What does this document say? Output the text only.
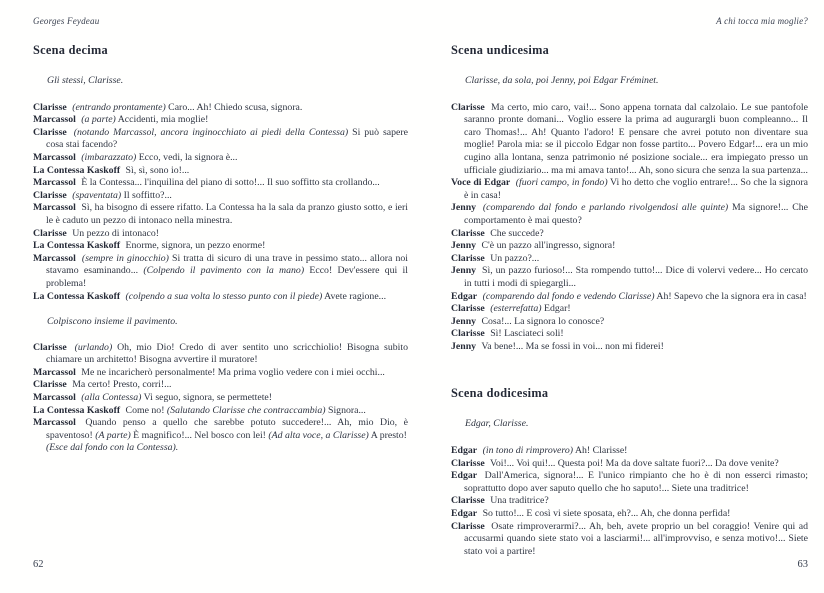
Georges Feydeau	A chi tocca mia moglie?

Scena decima

Gli stessi, Clarisse.

Clarisse (entrando prontamente) Caro... Ah! Chiedo scusa, signora.

Marcassol (a parte) Accidenti, mia moglie!

Clarisse (notando Marcassol, ancora inginocchiato ai piedi della Contessa) Si può sapere cosa stai facendo?

Marcassol (imbarazzato) Ecco, vedi, la signora è...

La Contessa Kaskoff Sì, sì, sono io!...

Marcassol È la Contessa... l'inquilina del piano di sotto!... Il suo soffitto sta crollando...

Clarisse (spaventata) Il soffitto?...

Marcassol Sì, ha bisogno di essere rifatto. La Contessa ha la sala da pranzo giusto sotto, e ieri le è caduto un pezzo di intonaco nella minestra.

Clarisse Un pezzo di intonaco!

La Contessa Kaskoff Enorme, signora, un pezzo enorme!

Marcassol (sempre in ginocchio) Si tratta di sicuro di una trave in pessimo stato... allora noi stavamo esaminando... (Colpendo il pavimento con la mano) Ecco! Dev'essere qui il problema!

La Contessa Kaskoff (colpendo a sua volta lo stesso punto con il piede) Avete ragione...

Colpiscono insieme il pavimento.

Clarisse (urlando) Oh, mio Dio! Credo di aver sentito uno scricchiolio! Bisogna subito chiamare un architetto! Bisogna avvertire il muratore!

Marcassol Me ne incaricherò personalmente! Ma prima voglio vedere con i miei occhi...

Clarisse Ma certo! Presto, corri!...

Marcassol (alla Contessa) Vi seguo, signora, se permettete!

La Contessa Kaskoff Come no! (Salutando Clarisse che contraccambia) Signora...

Marcassol Quando penso a quello che sarebbe potuto succedere!... Ah, mio Dio, è spaventoso! (A parte) È magnifico!... Nel bosco con lei! (Ad alta voce, a Clarisse) A presto!
(Esce dal fondo con la Contessa).

Scena undicesima

Clarisse, da sola, poi Jenny, poi Edgar Fréminet.

Clarisse Ma certo, mio caro, vai!... Sono appena tornata dal calzolaio. Le sue pantofole saranno pronte domani... Voglio essere la prima ad augurargli buon compleanno... Il caro Thomas!... Ah! Quanto l'adoro! E pensare che avrei potuto non diventare sua moglie! Parola mia: se il piccolo Edgar non fosse partito... Povero Edgar!... era un mio cugino alla lontana, senza patrimonio né posizione sociale... era impiegato presso un ufficiale giudiziario... ma mi amava tanto!... Ah, sono sicura che senza la sua partenza...

Voce di Edgar (fuori campo, in fondo) Vi ho detto che voglio entrare!... So che la signora è in casa!

Jenny (comparendo dal fondo e parlando rivolgendosi alle quinte) Ma signore!... Che comportamento è mai questo?

Clarisse Che succede?

Jenny C'è un pazzo all'ingresso, signora!

Clarisse Un pazzo?...

Jenny Sì, un pazzo furioso!... Sta rompendo tutto!... Dice di volervi vedere... Ho cercato in tutti i modi di spiegargli...

Edgar (comparendo dal fondo e vedendo Clarisse) Ah! Sapevo che la signora era in casa!

Clarisse (esterrefatta) Edgar!

Jenny Cosa!... La signora lo conosce?

Clarisse Sì! Lasciateci soli!

Jenny Va bene!... Ma se fossi in voi... non mi fiderei!

Scena dodicesima

Edgar, Clarisse.

Edgar (in tono di rimprovero) Ah! Clarisse!

Clarisse Voi!... Voi qui!... Questa poi! Ma da dove saltate fuori?... Da dove venite?

Edgar Dall'America, signora!... E l'unico rimpianto che ho è di non esserci rimasto; soprattutto dopo aver saputo quello che ho saputo!... Siete una traditrice!

Clarisse Una traditrice?

Edgar So tutto!... E così vi siete sposata, eh?... Ah, che donna perfida!

Clarisse Osate rimproverarmi?... Ah, beh, avete proprio un bel coraggio! Venire qui ad accusarmi quando siete stato voi a lasciarmi!... all'improvviso, e senza motivo!... Siete stato voi a partire!

62	63
